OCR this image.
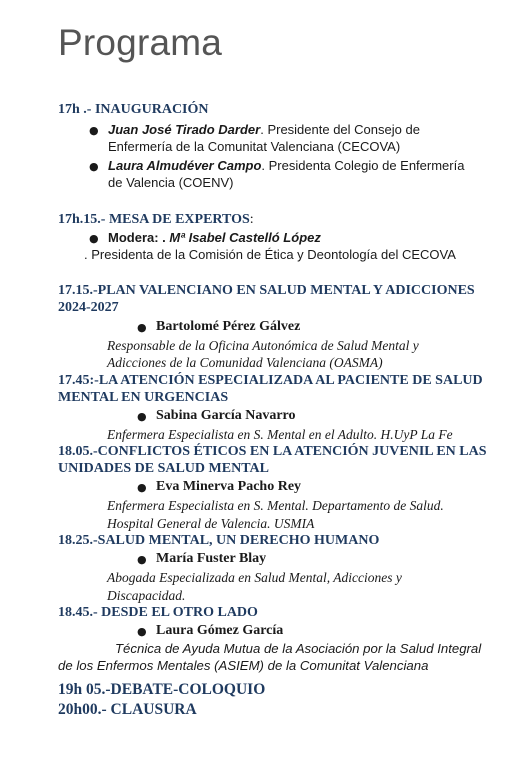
Programa
17h .- INAUGURACIÓN
● Juan José Tirado Darder. Presidente del Consejo de
Enfermería de la Comunitat Valenciana (CECOVA)
● Laura Almudéver Campo. Presidenta Colegio de Enfermería
de Valencia (COENV)
17h.15.- MESA DE EXPERTOS:
● Modera: . Mª Isabel Castelló López
. Presidenta de la Comisión de Ética y Deontología del CECOVA
17.15.-PLAN VALENCIANO EN SALUD MENTAL Y ADICCIONES
2024-2027
● Bartolomé Pérez Gálvez
Responsable de la Oficina Autonómica de Salud Mental y
Adicciones de la Comunidad Valenciana (OASMA)
17.45:-LA ATENCIÓN ESPECIALIZADA AL PACIENTE DE SALUD
MENTAL EN URGENCIAS
● Sabina García Navarro
Enfermera Especialista en S. Mental en el Adulto. H.UyP La Fe
18.05.-CONFLICTOS ÉTICOS EN LA ATENCIÓN JUVENIL EN LAS
UNIDADES DE SALUD MENTAL
● Eva Minerva Pacho Rey
Enfermera Especialista en S. Mental. Departamento de Salud.
Hospital General de Valencia. USMIA
18.25.-SALUD MENTAL, UN DERECHO HUMANO
● María Fuster Blay
Abogada Especializada en Salud Mental, Adicciones y
Discapacidad.
18.45.- DESDE EL OTRO LADO
● Laura Gómez García
Técnica de Ayuda Mutua de la Asociación por la Salud Integral
de los Enfermos Mentales (ASIEM) de la Comunitat Valenciana
19h 05.-DEBATE-COLOQUIO
20h00.- CLAUSURA
